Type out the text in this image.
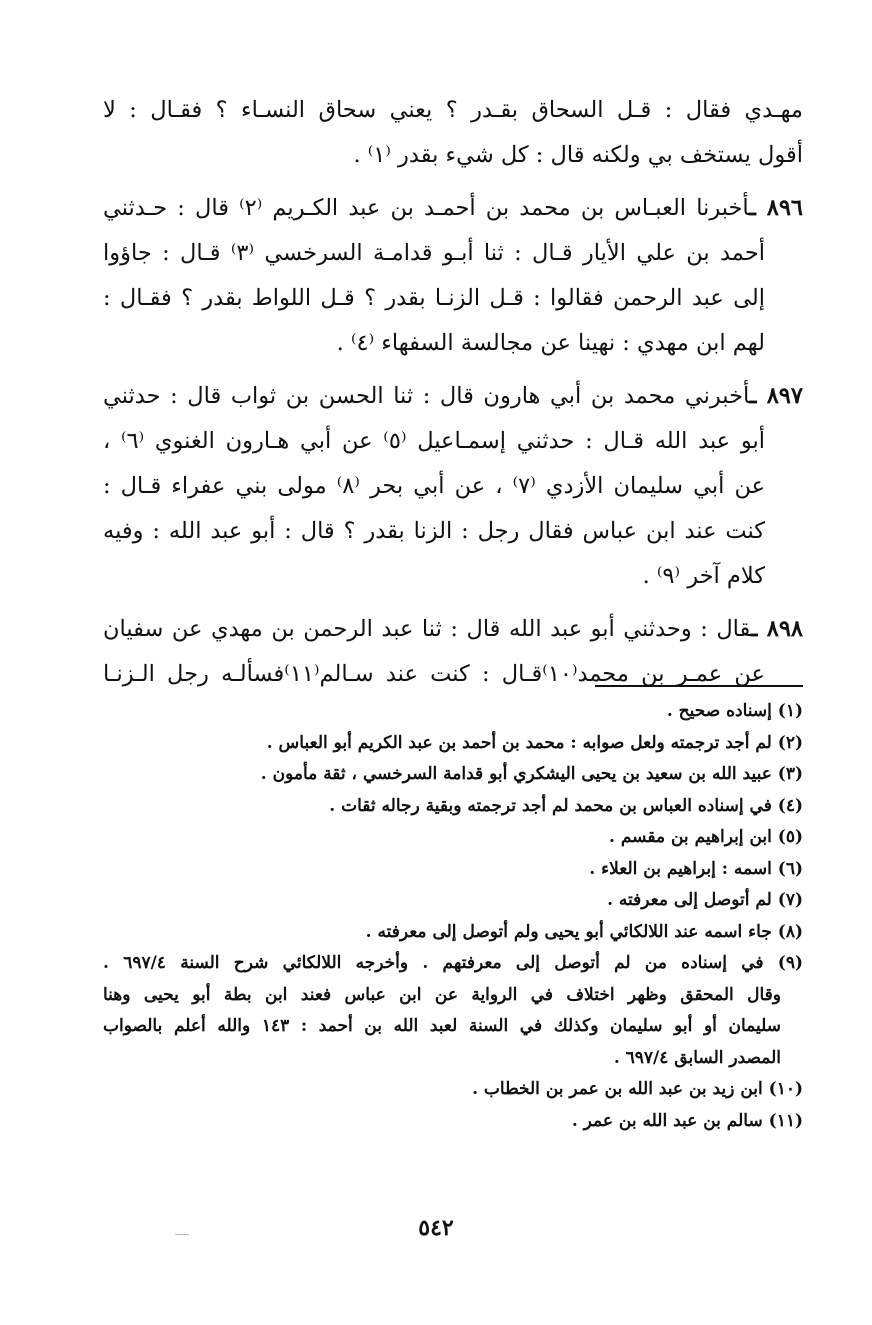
مهـدي فقال : قـل السحاق بقـدر ؟ يعني سحاق النسـاء ؟ فقـال : لا
أقول يستخف بي ولكنه قال : كل شيء بقدر ⁽١⁾ .
٨٩٦ ـأخبرنا العبـاس بن محمد بن أحمـد بن عبد الكـريم ⁽٢⁾ قال : حـدثني
أحمد بن علي الأيار قـال : ثنا أبـو قدامـة السرخسي ⁽٣⁾ قـال : جاؤوا
إلى عبد الرحمن فقالوا : قـل الزنـا بقدر ؟ قـل اللواط بقدر ؟ فقـال :
لهم ابن مهدي : نهينا عن مجالسة السفهاء ⁽٤⁾ .
٨٩٧ ـأخبرني محمد بن أبي هارون قال : ثنا الحسن بن ثواب قال : حدثني
أبو عبد الله قـال : حدثني إسمـاعيل ⁽٥⁾ عن أبي هـارون الغنوي ⁽٦⁾ ،
عن أبي سليمان الأزدي ⁽٧⁾ ، عن أبي بحر ⁽٨⁾ مولى بني عفراء قـال :
كنت عند ابن عباس فقال رجل : الزنا بقدر ؟ قال : أبو عبد الله : وفيه
كلام آخر ⁽٩⁾ .
٨٩٨ ـقال : وحدثني أبو عبد الله قال : ثنا عبد الرحمن بن مهدي عن سفيان
عن عمـر بن محمد⁽١٠⁾قـال : كنت عند سـالم⁽١١⁾فسألـه رجل الـزنـا
(١) إسناده صحيح .
(٢) لم أجد ترجمته ولعل صوابه : محمد بن أحمد بن عبد الكريم أبو العباس .
(٣) عبيد الله بن سعيد بن يحيى اليشكري أبو قدامة السرخسي ، ثقة مأمون .
(٤) في إسناده العباس بن محمد لم أجد ترجمته وبقية رجاله ثقات .
(٥) ابن إبراهيم بن مقسم .
(٦) اسمه : إبراهيم بن العلاء .
(٧) لم أتوصل إلى معرفته .
(٨) جاء اسمه عند اللالكائي أبو يحيى ولم أتوصل إلى معرفته .
(٩) في إسناده من لم أتوصل إلى معرفتهم . وأخرجه اللالكائي شرح السنة ٦٩٧/٤ .
وقال المحقق وظهر اختلاف في الرواية عن ابن عباس فعند ابن بطة أبو يحيى وهنا
سليمان أو أبو سليمان وكذلك في السنة لعبد الله بن أحمد : ١٤٣ والله أعلم بالصواب
المصدر السابق ٦٩٧/٤ .
(١٠) ابن زيد بن عبد الله بن عمر بن الخطاب .
(١١) سالم بن عبد الله بن عمر .
٥٤٢
